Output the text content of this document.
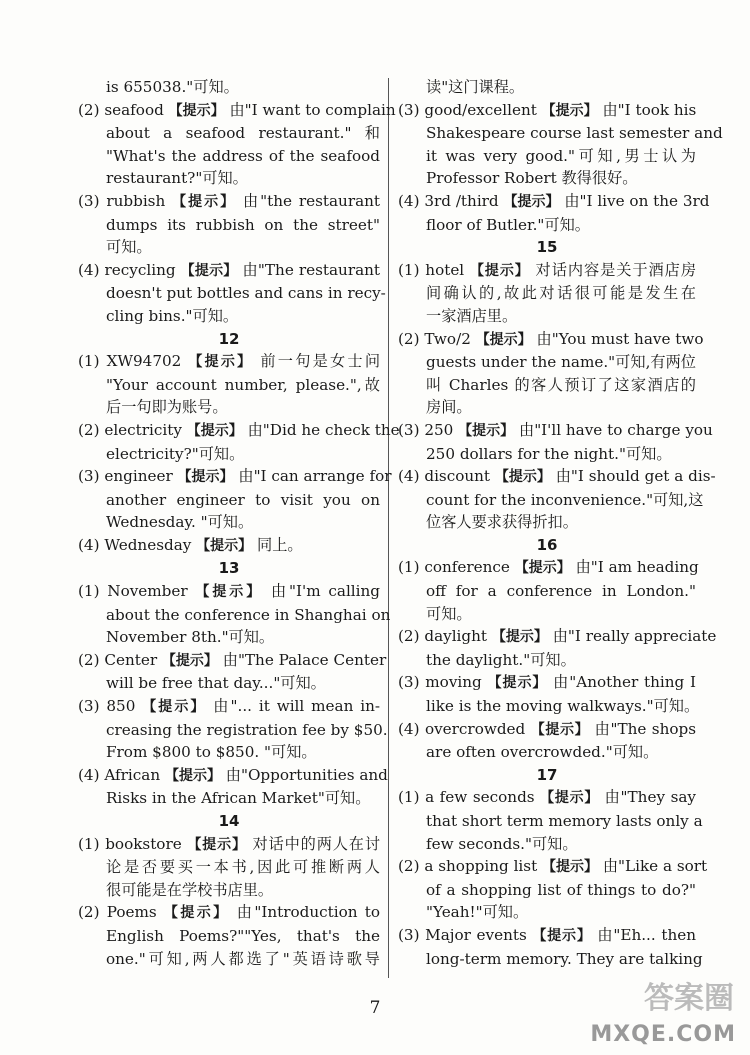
is 655038."可知。
(2) seafood 【提示】 由"I want to complain
about a seafood restaurant." 和
"What's the address of the seafood
restaurant?"可知。
(3) rubbish 【提示】 由"the restaurant
dumps its rubbish on the street"
可知。
(4) recycling 【提示】 由"The restaurant
doesn't put bottles and cans in recy-
cling bins."可知。
12
(1) XW94702 【提示】 前一句是女士问
"Your account number, please.",故
后一句即为账号。
(2) electricity 【提示】 由"Did he check the
electricity?"可知。
(3) engineer 【提示】 由"I can arrange for
another engineer to visit you on
Wednesday. "可知。
(4) Wednesday 【提示】 同上。
13
(1) November 【提示】 由"I'm calling
about the conference in Shanghai on
November 8th."可知。
(2) Center 【提示】 由"The Palace Center
will be free that day..."可知。
(3) 850 【提示】 由"... it will mean in-
creasing the registration fee by $50.
From $800 to $850. "可知。
(4) African 【提示】 由"Opportunities and
Risks in the African Market"可知。
14
(1) bookstore 【提示】 对话中的两人在讨
论是否要买一本书,因此可推断两人
很可能是在学校书店里。
(2) Poems 【提示】 由"Introduction to
English Poems?""Yes, that's the
one."可知,两人都选了"英语诗歌导
读"这门课程。
(3) good/excellent 【提示】 由"I took his
Shakespeare course last semester and
it was very good."可知,男士认为
Professor Robert 教得很好。
(4) 3rd /third 【提示】 由"I live on the 3rd
floor of Butler."可知。
15
(1) hotel 【提示】 对话内容是关于酒店房
间确认的,故此对话很可能是发生在
一家酒店里。
(2) Two/2 【提示】 由"You must have two
guests under the name."可知,有两位
叫 Charles 的客人预订了这家酒店的
房间。
(3) 250 【提示】 由"I'll have to charge you
250 dollars for the night."可知。
(4) discount 【提示】 由"I should get a dis-
count for the inconvenience."可知,这
位客人要求获得折扣。
16
(1) conference 【提示】 由"I am heading
off for a conference in London."
可知。
(2) daylight 【提示】 由"I really appreciate
the daylight."可知。
(3) moving 【提示】 由"Another thing I
like is the moving walkways."可知。
(4) overcrowded 【提示】 由"The shops
are often overcrowded."可知。
17
(1) a few seconds 【提示】 由"They say
that short term memory lasts only a
few seconds."可知。
(2) a shopping list 【提示】 由"Like a sort
of a shopping list of things to do?"
"Yeah!"可知。
(3) Major events 【提示】 由"Eh... then
long-term memory. They are talking
7	答案圈
MXQE.COM
